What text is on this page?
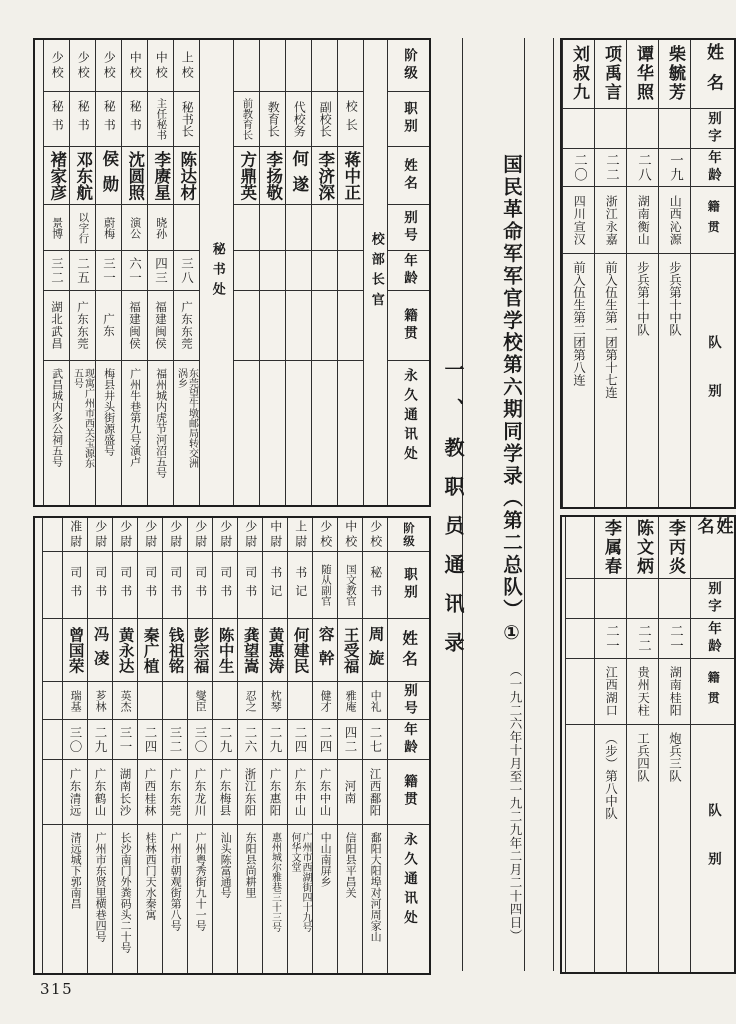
阶级
职别
姓名
别号
年龄
籍贯
永久通讯处
校部长官
校长
蒋中正
副校长
李济深
代校务
何遂
教育长
李扬敬
前教育长
方鼎英
秘书处
上校
秘书长
陈达材
三八
广东东莞
东莞望牛墩邮局转交洲涡乡
中校
主任秘书
李赓星
晓孙
四三
福建闽侯
福州城内虎节河沼五号
中校
秘书
沈圆照
演公
六一
福建闽侯
广州牛巷第九号演卢
少校
秘书
侯勋
蔚梅
三一
广东
梅县井头街源盛号
少校
秘书
邓东航
以字行
二五
广东东莞
现寓广州市西关宝源东五号
少校
秘书
褚家彦
景博
三二
湖北武昌
武昌城内多公祠五号
阶级
职别
姓名
别号
年龄
籍贯
永久通讯处
少校
秘书
周旋
中礼
二七
江西鄱阳
鄱阳大阳埠对河周家山
中校
国文教官
王受福
雅庵
四二
河南
信阳县平昌关
少校
随从副官
容幹
健才
二四
广东中山
中山南屏乡
上尉
书记
何建民
二四
广东中山
广州市西湖街四十九号何华文堂
中尉
书记
黄惠涛
枕琴
二九
广东惠阳
惠州城尔雅巷三十三号
少尉
司书
龚望嵩
忍之
二六
浙江东阳
东阳县尚耕里
少尉
司书
陈中生
二九
广东梅县
汕头陈富通号
少尉
司书
彭宗福
燮臣
三〇
广东龙川
广州粤秀街九十一号
少尉
司书
钱祖铭
三二
广东东莞
广州市朝观街第八号
少尉
司书
秦广植
二四
广西桂林
桂林西门天水秦寓
少尉
司书
黄永达
英杰
三一
湖南长沙
长沙南门外粪码头二十号
少尉
司书
冯凌
芗林
二九
广东鹤山
广州市东贤里横巷四号
准尉
司书
曾国荣
瑞基
三〇
广东清远
清远城下郭南昌
国民革命军军官学校第六期同学录（第二总队）①
（一九二六年十月至一九二九年二月二十四日）
一、教职员通讯录
姓名
别字
年龄
籍贯
队别
柴毓芳
一九
山西沁源
步兵第十中队
谭华照
二八
湖南衡山
步兵第十中队
项禹言
二二
浙江永嘉
前入伍生第一团第十七连
刘叔九
二〇
四川宣汉
前入伍生第二团第八连
姓名
别字
年龄
籍贯
队别
李丙炎
二一
湖南桂阳
炮兵三队
陈文炳
二二
贵州天柱
工兵四队
李属春
二一
江西湖口
（步）第八中队
315
